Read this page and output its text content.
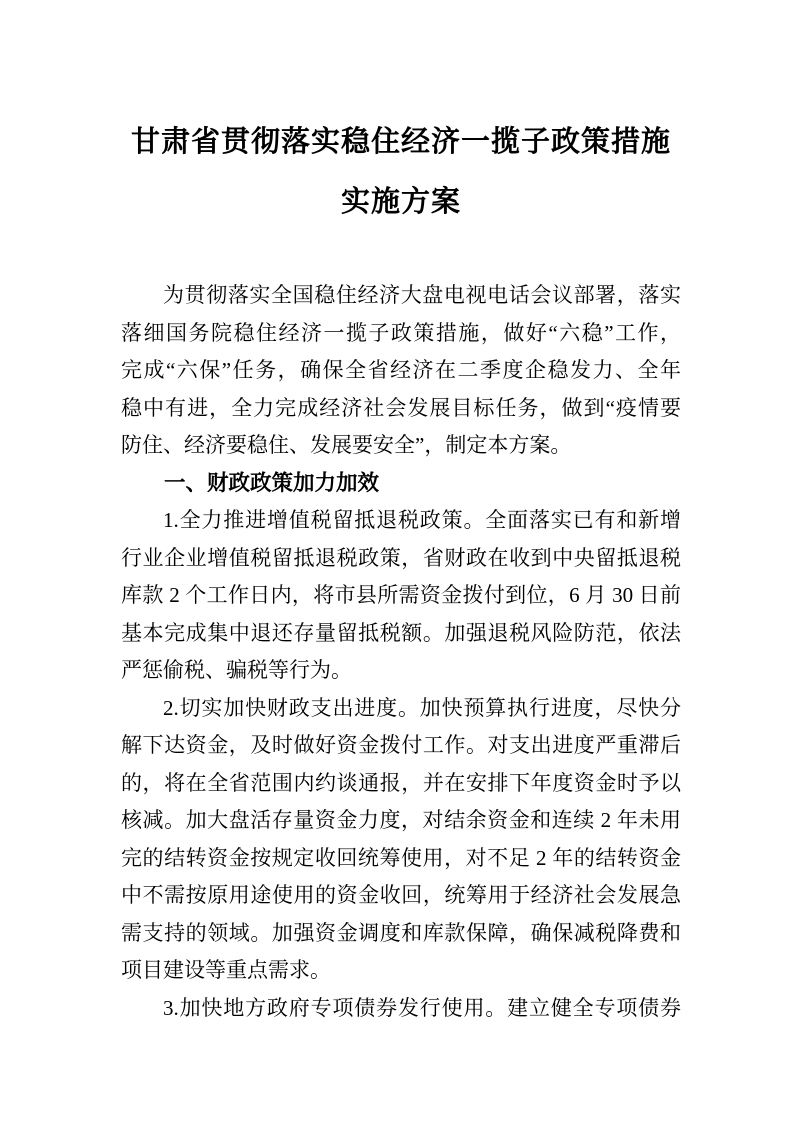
甘肃省贯彻落实稳住经济一揽子政策措施
实施方案
为贯彻落实全国稳住经济大盘电视电话会议部署，落实
落细国务院稳住经济一揽子政策措施，做好“六稳”工作，
完成“六保”任务，确保全省经济在二季度企稳发力、全年
稳中有进，全力完成经济社会发展目标任务，做到“疫情要
防住、经济要稳住、发展要安全”，制定本方案。
一、财政政策加力加效
1.全力推进增值税留抵退税政策。全面落实已有和新增
行业企业增值税留抵退税政策，省财政在收到中央留抵退税
库款 2 个工作日内，将市县所需资金拨付到位，6 月 30 日前
基本完成集中退还存量留抵税额。加强退税风险防范，依法
严惩偷税、骗税等行为。
2.切实加快财政支出进度。加快预算执行进度，尽快分
解下达资金，及时做好资金拨付工作。对支出进度严重滞后
的，将在全省范围内约谈通报，并在安排下年度资金时予以
核减。加大盘活存量资金力度，对结余资金和连续 2 年未用
完的结转资金按规定收回统筹使用，对不足 2 年的结转资金
中不需按原用途使用的资金收回，统筹用于经济社会发展急
需支持的领域。加强资金调度和库款保障，确保减税降费和
项目建设等重点需求。
3.加快地方政府专项债券发行使用。建立健全专项债券
